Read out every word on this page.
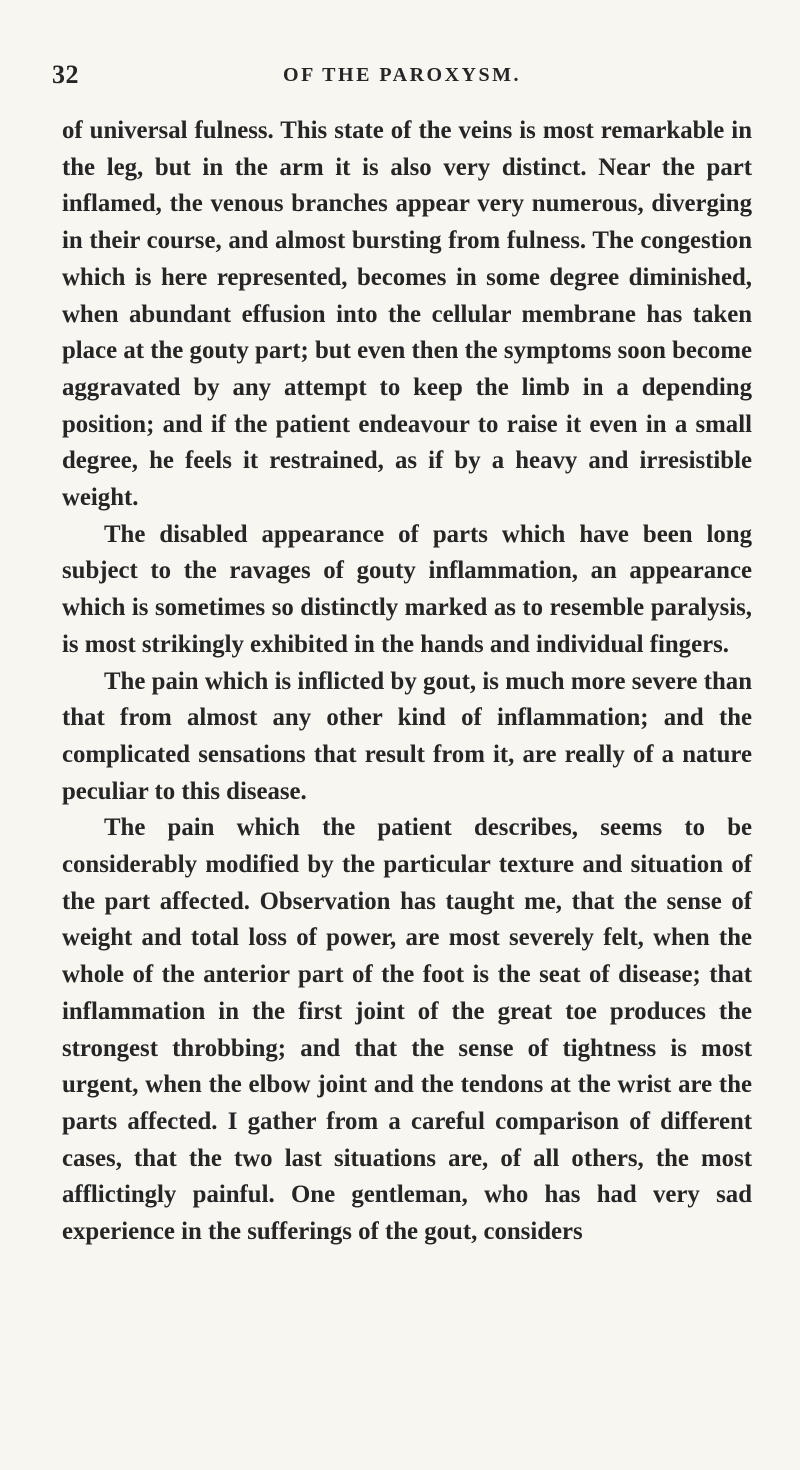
32	OF THE PAROXYSM.

of universal fulness. This state of the veins is most remarkable in the leg, but in the arm it is also very distinct. Near the part inflamed, the venous branches appear very numerous, diverging in their course, and almost bursting from fulness. The congestion which is here represented, becomes in some degree diminished, when abundant effusion into the cellular membrane has taken place at the gouty part; but even then the symptoms soon become aggravated by any attempt to keep the limb in a depending position; and if the patient endeavour to raise it even in a small degree, he feels it restrained, as if by a heavy and irresistible weight.

The disabled appearance of parts which have been long subject to the ravages of gouty inflammation, an appearance which is sometimes so distinctly marked as to resemble paralysis, is most strikingly exhibited in the hands and individual fingers.

The pain which is inflicted by gout, is much more severe than that from almost any other kind of inflammation; and the complicated sensations that result from it, are really of a nature peculiar to this disease.

The pain which the patient describes, seems to be considerably modified by the particular texture and situation of the part affected. Observation has taught me, that the sense of weight and total loss of power, are most severely felt, when the whole of the anterior part of the foot is the seat of disease; that inflammation in the first joint of the great toe produces the strongest throbbing; and that the sense of tightness is most urgent, when the elbow joint and the tendons at the wrist are the parts affected. I gather from a careful comparison of different cases, that the two last situations are, of all others, the most afflictingly painful. One gentleman, who has had very sad experience in the sufferings of the gout, considers
